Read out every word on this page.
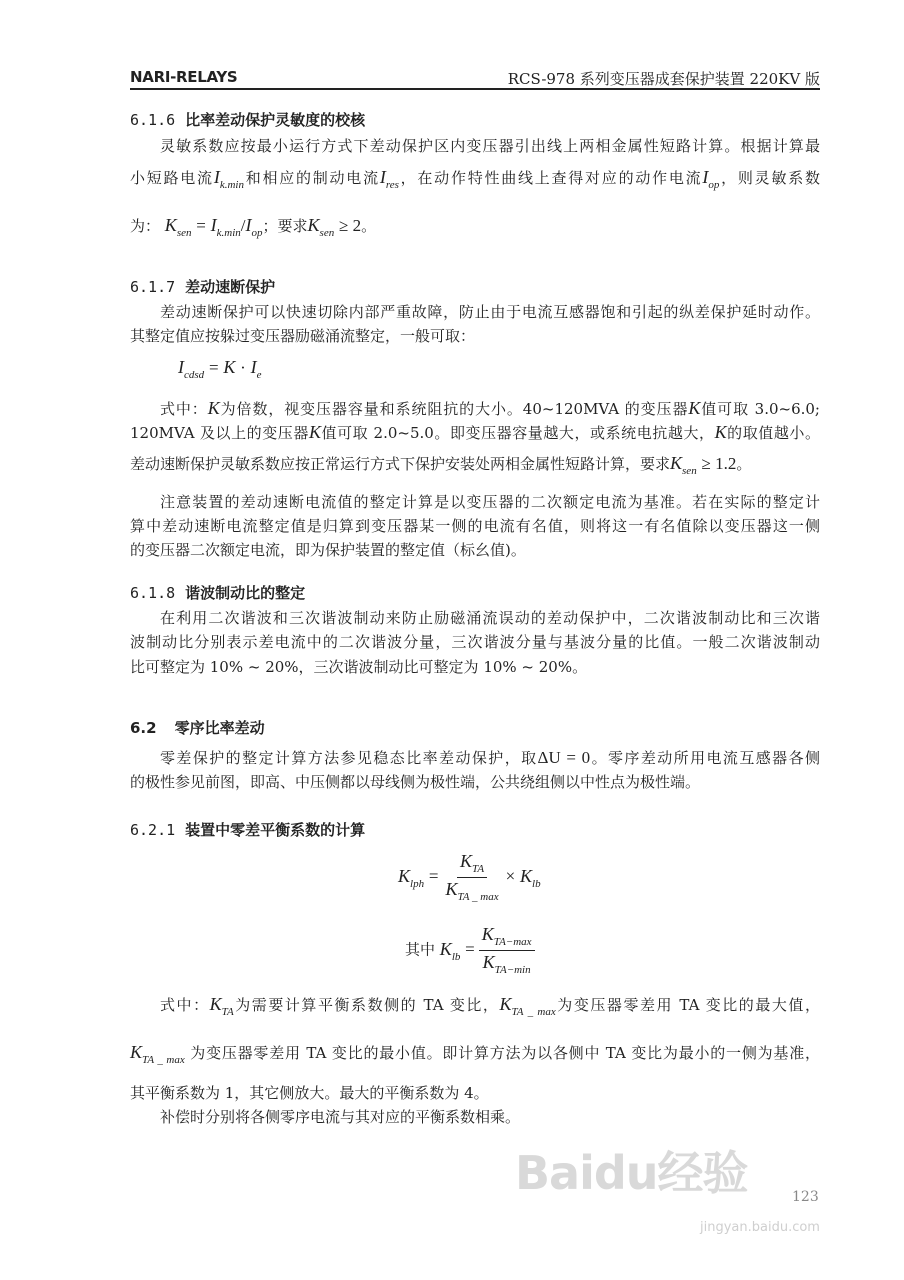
NARI-RELAYS	RCS-978 系列变压器成套保护装置 220KV 版
6.1.6 比率差动保护灵敏度的校核
灵敏系数应按最小运行方式下差动保护区内变压器引出线上两相金属性短路计算。根据计算最
小短路电流$I_{k.min}$和相应的制动电流$I_{res}$，在动作特性曲线上查得对应的动作电流$I_{op}$，则灵敏系数
为： $K_{sen} = I_{k.min}/I_{op}$；要求$K_{sen} \ge 2$。
6.1.7 差动速断保护
差动速断保护可以快速切除内部严重故障，防止由于电流互感器饱和引起的纵差保护延时动作。
其整定值应按躲过变压器励磁涌流整定，一般可取：
$I_{cdsd} = K \cdot I_e$
式中：K为倍数，视变压器容量和系统阻抗的大小。40~120MVA 的变压器K值可取 3.0~6.0;
120MVA 及以上的变压器K值可取 2.0~5.0。即变压器容量越大，或系统电抗越大，K的取值越小。
差动速断保护灵敏系数应按正常运行方式下保护安装处两相金属性短路计算，要求$K_{sen} \ge 1.2$。
注意装置的差动速断电流值的整定计算是以变压器的二次额定电流为基准。若在实际的整定计
算中差动速断电流整定值是归算到变压器某一侧的电流有名值，则将这一有名值除以变压器这一侧
的变压器二次额定电流，即为保护装置的整定值（标幺值)。
6.1.8 谐波制动比的整定
在利用二次谐波和三次谐波制动来防止励磁涌流误动的差动保护中，二次谐波制动比和三次谐
波制动比分别表示差电流中的二次谐波分量，三次谐波分量与基波分量的比值。一般二次谐波制动
比可整定为 10% ~ 20%，三次谐波制动比可整定为 10% ~ 20%。
6.2 零序比率差动
零差保护的整定计算方法参见稳态比率差动保护，取ΔU = 0。零序差动所用电流互感器各侧
的极性参见前图，即高、中压侧都以母线侧为极性端，公共绕组侧以中性点为极性端。
6.2.1 装置中零差平衡系数的计算
$K_{lph} = \frac{K_{TA}}{K_{TA \_ max}} \times K_{lb}$
其中 $K_{lb} = \frac{K_{TA-max}}{K_{TA-min}}$
式中：$K_{TA}$为需要计算平衡系数侧的 TA 变比，$K_{TA \_ max}$为变压器零差用 TA 变比的最大值，
$K_{TA \_ max}$ 为变压器零差用 TA 变比的最小值。即计算方法为以各侧中 TA 变比为最小的一侧为基准，
其平衡系数为 1，其它侧放大。最大的平衡系数为 4。
补偿时分别将各侧零序电流与其对应的平衡系数相乘。
Baidu经验
jingyan.baidu.com
123
